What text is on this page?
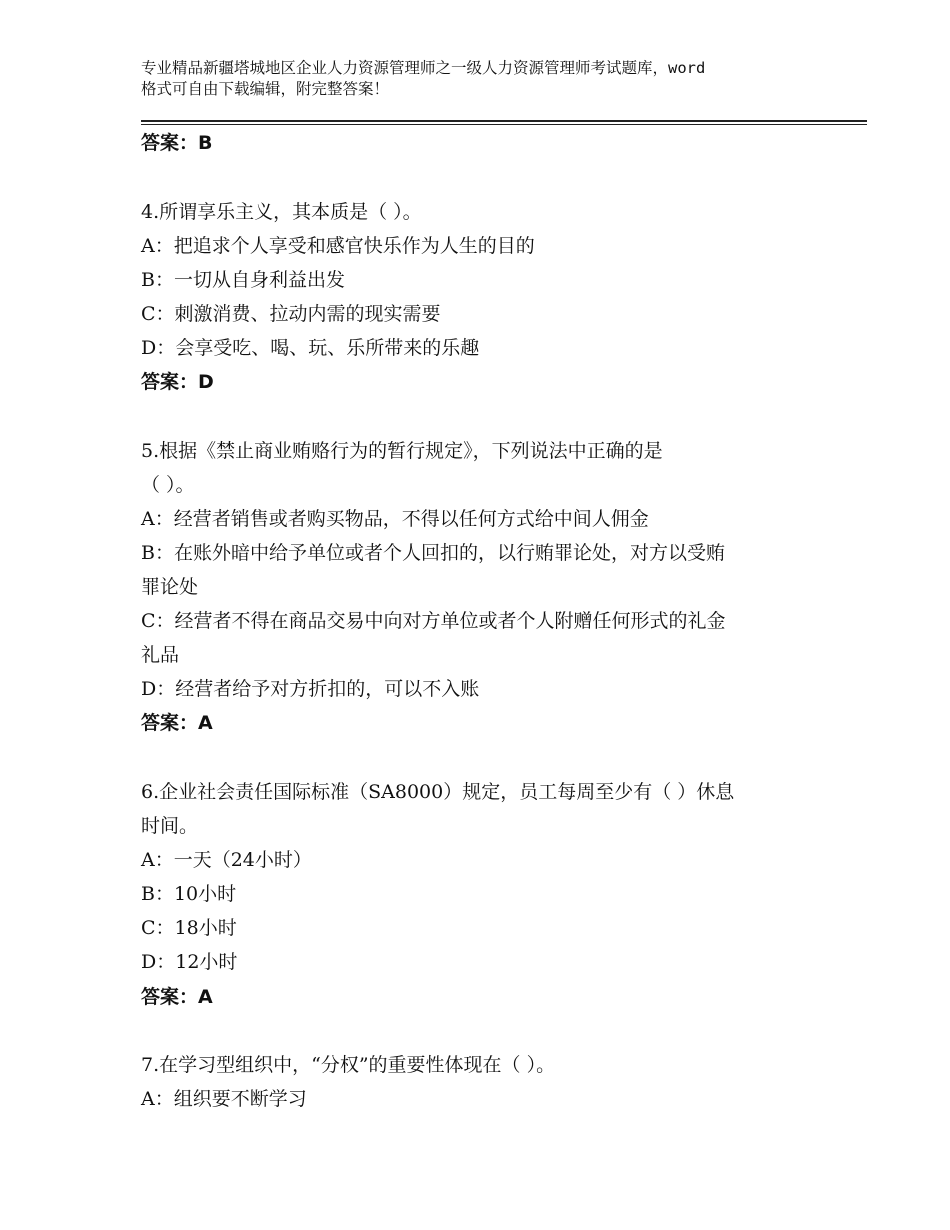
专业精品新疆塔城地区企业人力资源管理师之一级人力资源管理师考试题库，word
格式可自由下载编辑，附完整答案！
答案：B
4.所谓享乐主义，其本质是（ ）。
A：把追求个人享受和感官快乐作为人生的目的
B：一切从自身利益出发
C：刺激消费、拉动内需的现实需要
D：会享受吃、喝、玩、乐所带来的乐趣
答案：D
5.根据《禁止商业贿赂行为的暂行规定》，下列说法中正确的是
（ ）。
A：经营者销售或者购买物品，不得以任何方式给中间人佣金
B：在账外暗中给予单位或者个人回扣的，以行贿罪论处，对方以受贿
罪论处
C：经营者不得在商品交易中向对方单位或者个人附赠任何形式的礼金
礼品
D：经营者给予对方折扣的，可以不入账
答案：A
6.企业社会责任国际标准（SA8000）规定，员工每周至少有（ ）休息
时间。
A：一天（24小时）
B：10小时
C：18小时
D：12小时
答案：A
7.在学习型组织中，“分权”的重要性体现在（ ）。
A：组织要不断学习
